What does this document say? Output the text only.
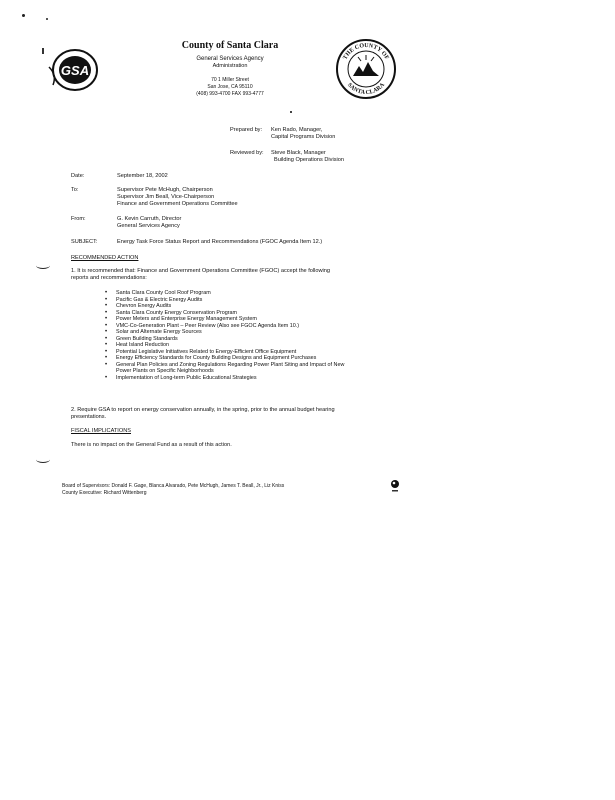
GSA
County of Santa Clara
General Services Agency
Administration
70 1 Miller Street
San Jose, CA 95110
(408) 993-4700 FAX 993-4777
THE COUNTY OF
SANTA CLARA
Prepared by: Ken Rado, Manager,
Capital Programs Division
Reviewed by: Steve Black, Manager
Building Operations Division
Date:	September 18, 2002
To:	Supervisor Pete McHugh, Chairperson
Supervisor Jim Beall, Vice-Chairperson
Finance and Government Operations Committee
From:	G. Kevin Carruth, Director
General Services Agency
SUBJECT:	Energy Task Force Status Report and Recommendations (FGOC Agenda Item 12.)
RECOMMENDED ACTION
1. It is recommended that: Finance and Government Operations Committee (FGOC) accept the following
reports and recommendations:
• Santa Clara County Cool Roof Program
• Pacific Gas & Electric Energy Audits
• Chevron Energy Audits
• Santa Clara County Energy Conservation Program
• Power Meters and Enterprise Energy Management System
• VMC-Co-Generation Plant – Peer Review (Also see FGOC Agenda Item 10.)
• Solar and Alternate Energy Sources
• Green Building Standards
• Heat Island Reduction
• Potential Legislative Initiatives Related to Energy-Efficient Office Equipment
• Energy Efficiency Standards for County Building Designs and Equipment Purchases
• General Plan Policies and Zoning Regulations Regarding Power Plant Siting and Impact of New
Power Plants on Specific Neighborhoods
• Implementation of Long-term Public Educational Strategies
2. Require GSA to report on energy conservation annually, in the spring, prior to the annual budget hearing
presentations.
FISCAL IMPLICATIONS
There is no impact on the General Fund as a result of this action.
Board of Supervisors: Donald F. Gage, Blanca Alvarado, Pete McHugh, James T. Beall, Jr., Liz Kniss
County Executive: Richard Wittenberg
